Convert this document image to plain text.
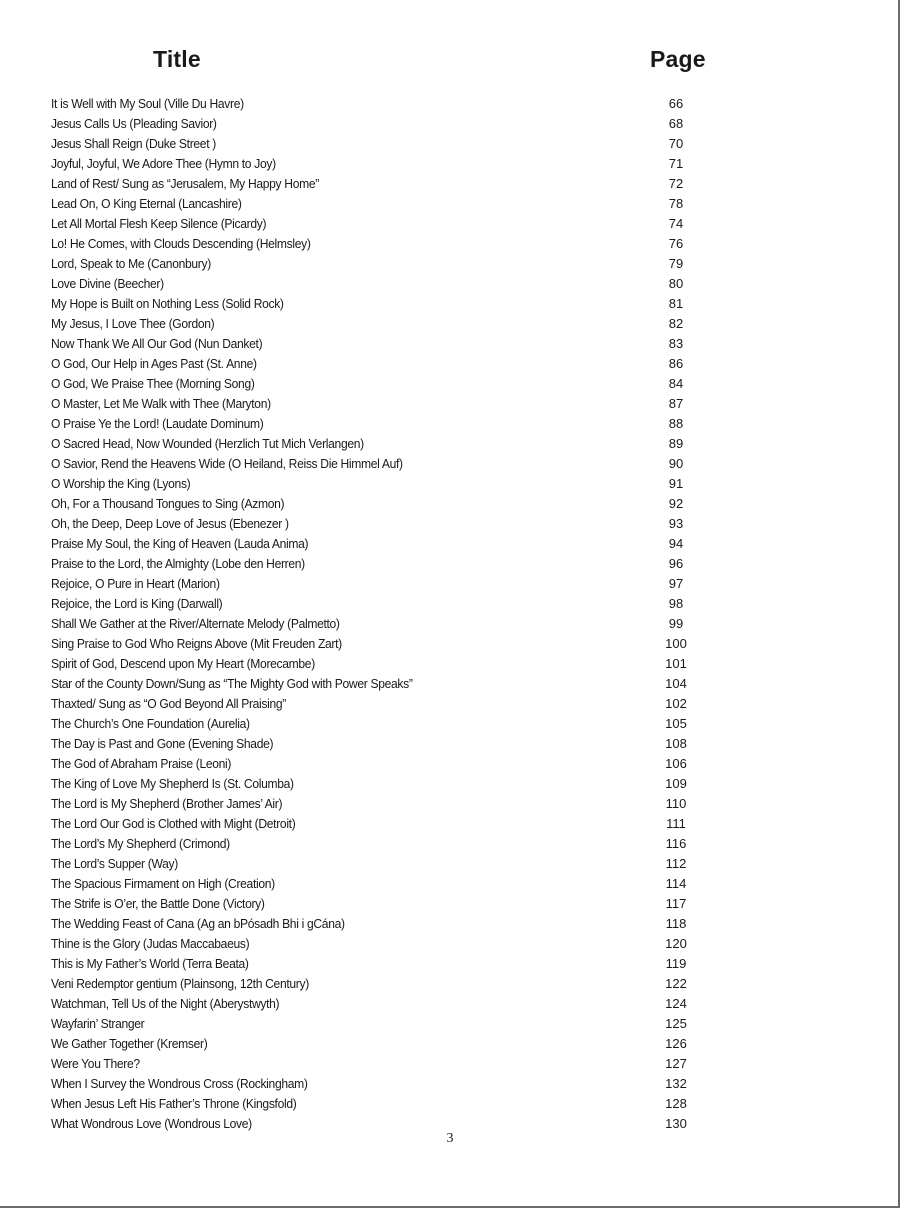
Title	Page
It is Well with My Soul (Ville Du Havre)	66
Jesus Calls Us (Pleading Savior)	68
Jesus Shall Reign (Duke Street )	70
Joyful, Joyful, We Adore Thee (Hymn to Joy)	71
Land of Rest/ Sung as “Jerusalem, My Happy Home”	72
Lead On, O King Eternal (Lancashire)	78
Let All Mortal Flesh Keep Silence (Picardy)	74
Lo! He Comes, with Clouds Descending (Helmsley)	76
Lord, Speak to Me (Canonbury)	79
Love Divine (Beecher)	80
My Hope is Built on Nothing Less (Solid Rock)	81
My Jesus, I Love Thee (Gordon)	82
Now Thank We All Our God (Nun Danket)	83
O God, Our Help in Ages Past (St. Anne)	86
O God, We Praise Thee (Morning Song)	84
O Master, Let Me Walk with Thee (Maryton)	87
O Praise Ye the Lord! (Laudate Dominum)	88
O Sacred Head, Now Wounded (Herzlich Tut Mich Verlangen)	89
O Savior, Rend the Heavens Wide (O Heiland, Reiss Die Himmel Auf)	90
O Worship the King (Lyons)	91
Oh, For a Thousand Tongues to Sing (Azmon)	92
Oh, the Deep, Deep Love of Jesus (Ebenezer )	93
Praise My Soul, the King of Heaven (Lauda Anima)	94
Praise to the Lord, the Almighty (Lobe den Herren)	96
Rejoice, O Pure in Heart (Marion)	97
Rejoice, the Lord is King (Darwall)	98
Shall We Gather at the River/Alternate Melody (Palmetto)	99
Sing Praise to God Who Reigns Above (Mit Freuden Zart)	100
Spirit of God, Descend upon My Heart (Morecambe)	101
Star of the County Down/Sung as “The Mighty God with Power Speaks”	104
Thaxted/ Sung as “O God Beyond All Praising”	102
The Church’s One Foundation (Aurelia)	105
The Day is Past and Gone (Evening Shade)	108
The God of Abraham Praise (Leoni)	106
The King of Love My Shepherd Is (St. Columba)	109
The Lord is My Shepherd (Brother James’ Air)	110
The Lord Our God is Clothed with Might (Detroit)	111
The Lord’s My Shepherd (Crimond)	116
The Lord’s Supper (Way)	112
The Spacious Firmament on High (Creation)	114
The Strife is O’er, the Battle Done (Victory)	117
The Wedding Feast of Cana (Ag an bPósadh Bhi i gCána)	118
Thine is the Glory (Judas Maccabaeus)	120
This is My Father’s World (Terra Beata)	119
Veni Redemptor gentium (Plainsong, 12th Century)	122
Watchman, Tell Us of the Night (Aberystwyth)	124
Wayfarin’ Stranger	125
We Gather Together (Kremser)	126
Were You There?	127
When I Survey the Wondrous Cross (Rockingham)	132
When Jesus Left His Father’s Throne (Kingsfold)	128
What Wondrous Love (Wondrous Love)	130
3
